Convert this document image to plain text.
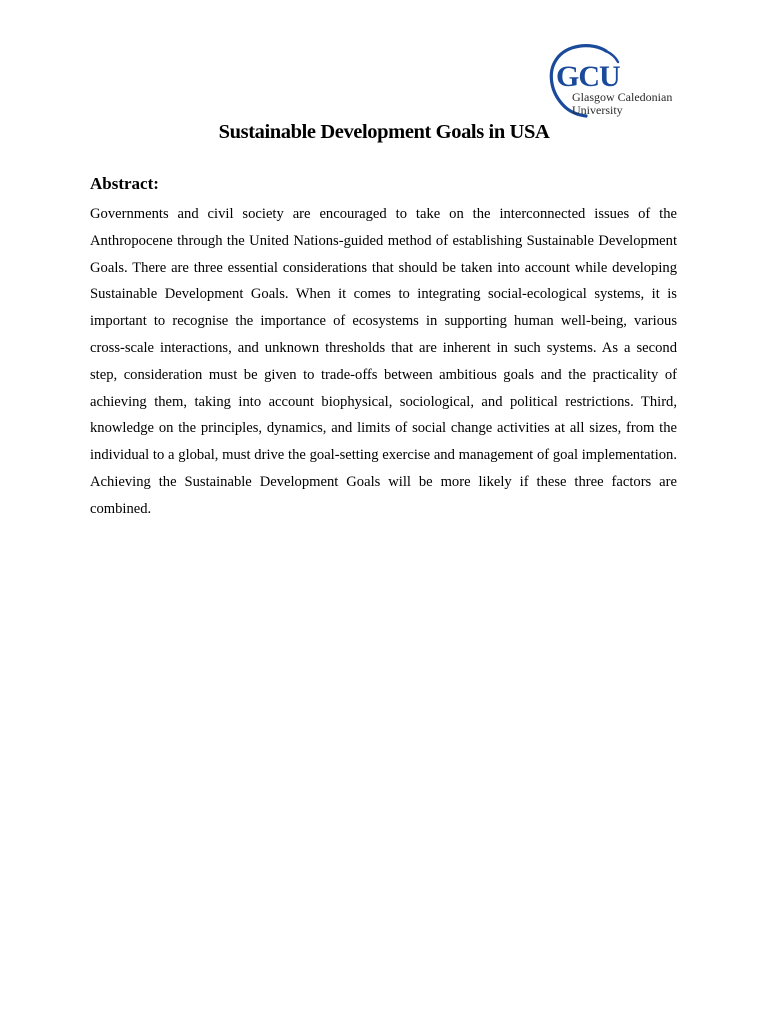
GCU
Glasgow Caledonian
University
Sustainable Development Goals in USA
Abstract:

Governments and civil society are encouraged to take on the interconnected issues of the Anthropocene through the United Nations-guided method of establishing Sustainable Development Goals. There are three essential considerations that should be taken into account while developing Sustainable Development Goals. When it comes to integrating social-ecological systems, it is important to recognise the importance of ecosystems in supporting human well-being, various cross-scale interactions, and unknown thresholds that are inherent in such systems. As a second step, consideration must be given to trade-offs between ambitious goals and the practicality of achieving them, taking into account biophysical, sociological, and political restrictions. Third, knowledge on the principles, dynamics, and limits of social change activities at all sizes, from the individual to a global, must drive the goal-setting exercise and management of goal implementation. Achieving the Sustainable Development Goals will be more likely if these three factors are combined.
